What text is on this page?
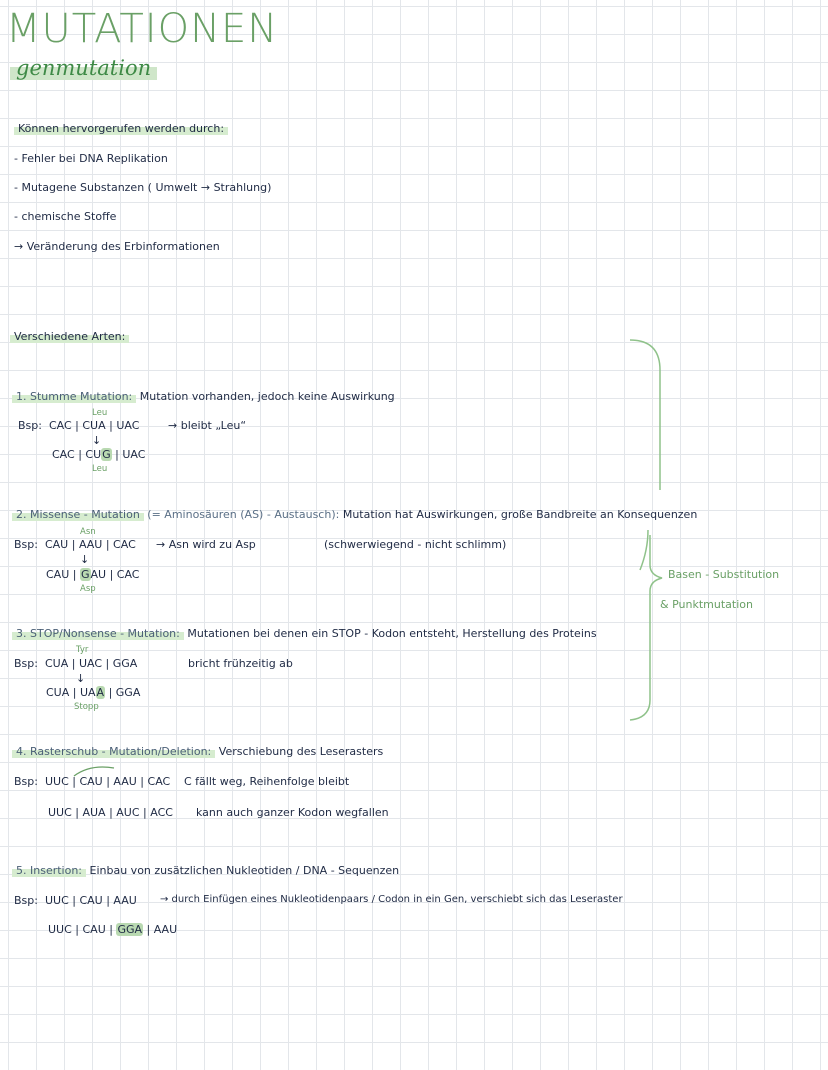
MUTATIONEN
genmutation
Können hervorgerufen werden durch:
- Fehler bei DNA Replikation
- Mutagene Substanzen ( Umwelt → Strahlung)
- chemische Stoffe
→ Veränderung des Erbinformationen
Verschiedene Arten:
1. Stumme Mutation: Mutation vorhanden, jedoch keine Auswirkung
Leu
Bsp: CAC | CUA | UAC	→ bleibt „Leu“
↓
CAC | CUG | UAC
Leu
2. Missense - Mutation (= Aminosäuren (AS) - Austausch): Mutation hat Auswirkungen, große Bandbreite an Konsequenzen
Asn
Bsp: CAU | AAU | CAC → Asn wird zu Asp	(schwerwiegend - nicht schlimm)
↓
CAU | GAU | CAC
Asp
3. STOP/Nonsense - Mutation: Mutationen bei denen ein STOP - Kodon entsteht, Herstellung des Proteins
Tyr
Bsp: CUA | UAC | GGA	bricht frühzeitig ab
↓
CUA | UAA | GGA
Stopp
Basen - Substitution
& Punktmutation
4. Rasterschub - Mutation/Deletion: Verschiebung des Leserasters
Bsp: UUC | CAU | AAU | CAC C fällt weg, Reihenfolge bleibt
UUC | AUA | AUC | ACC kann auch ganzer Kodon wegfallen
5. Insertion: Einbau von zusätzlichen Nukleotiden / DNA - Sequenzen
Bsp: UUC | CAU | AAU → durch Einfügen eines Nukleotidenpaars / Codon in ein Gen, verschiebt sich das Leseraster
UUC | CAU | GGA | AAU
